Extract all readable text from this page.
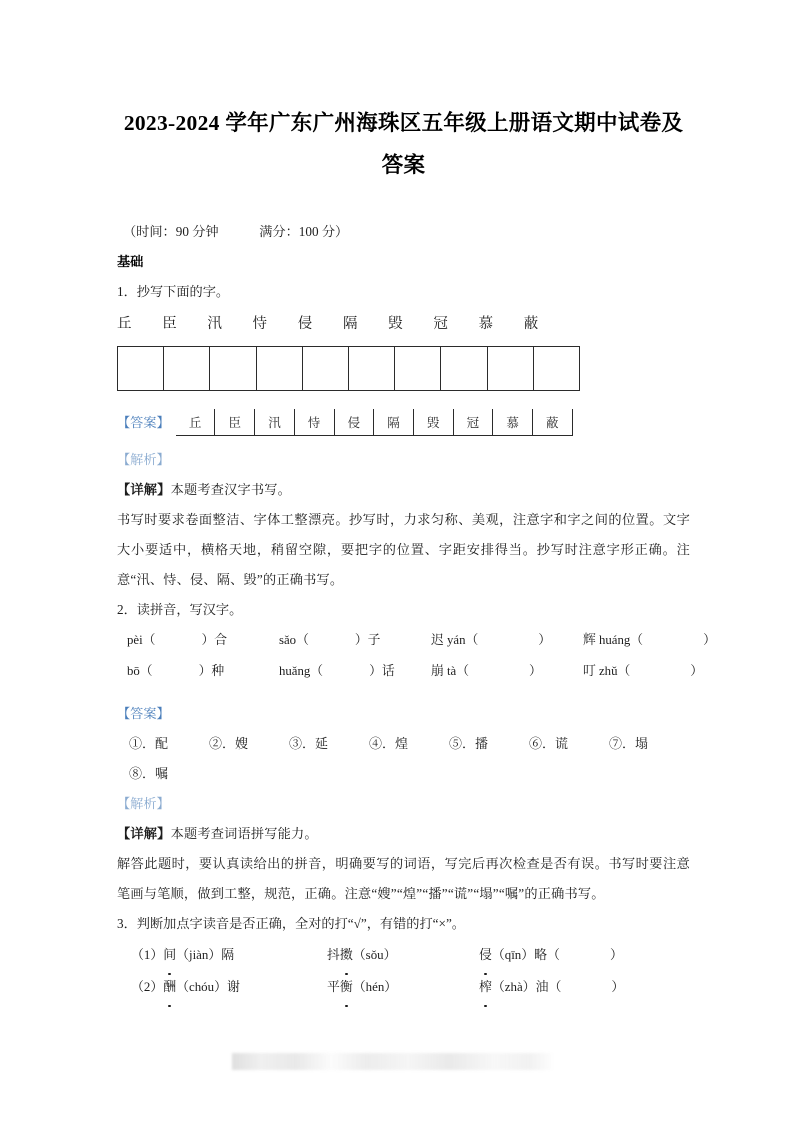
2023-2024 学年广东广州海珠区五年级上册语文期中试卷及答案
（时间：90 分钟	满分：100 分）
基础
1．抄写下面的字。
丘	臣	汛	恃	侵	隔	毁	冠	慕	蔽

【答案】	丘	臣	汛	恃	侵	隔	毁	冠	慕	蔽
【解析】
【详解】本题考查汉字书写。
书写时要求卷面整洁、字体工整漂亮。抄写时，力求匀称、美观，注意字和字之间的位置。文字大小要适中，横格天地，稍留空隙，要把字的位置、字距安排得当。抄写时注意字形正确。注意“汛、恃、侵、隔、毁”的正确书写。
2．读拼音，写汉字。
pèi（	）合	sǎo（	）子	迟 yán（	）	辉 huáng（	）
bō（	）种	huǎng（	）话	崩 tà（	）	叮 zhǔ（	）
【答案】
①．配	②．嫂	③．延	④．煌	⑤．播	⑥．谎	⑦．塌
⑧．嘱
【解析】
【详解】本题考查词语拼写能力。
解答此题时，要认真读给出的拼音，明确要写的词语，写完后再次检查是否有误。书写时要注意笔画与笔顺，做到工整，规范，正确。注意“嫂”“煌”“播”“谎”“塌”“嘱”的正确书写。
3．判断加点字读音是否正确，全对的打“√”，有错的打“×”。
（1）间（jiàn）隔	抖擞（sǒu）	侵（qīn）略（	）
（2）酬（chóu）谢	平衡（hén）	榨（zhà）油（	）
